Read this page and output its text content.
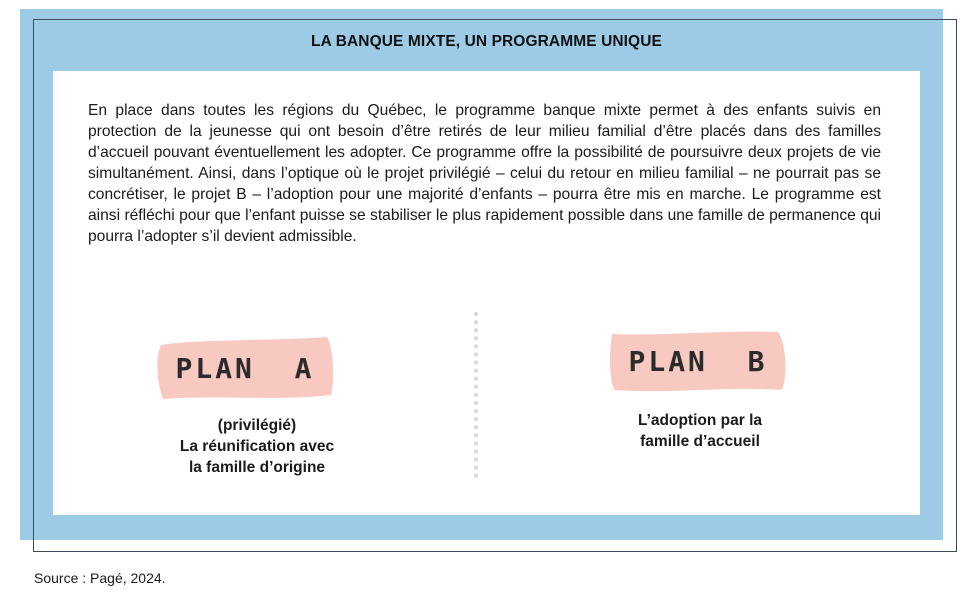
LA BANQUE MIXTE, UN PROGRAMME UNIQUE

En place dans toutes les régions du Québec, le programme banque mixte permet à des enfants suivis en protection de la jeunesse qui ont besoin d’être retirés de leur milieu familial d’être placés dans des familles d’accueil pouvant éventuellement les adopter. Ce programme offre la possibilité de poursuivre deux projets de vie simultanément. Ainsi, dans l’optique où le projet privilégié – celui du retour en milieu familial – ne pourrait pas se concrétiser, le projet B – l’adoption pour une majorité d’enfants – pourra être mis en marche. Le programme est ainsi réfléchi pour que l’enfant puisse se stabiliser le plus rapidement possible dans une famille de permanence qui pourra l’adopter s’il devient admissible.

PLAN  A
(privilégié)
La réunification avec
la famille d’origine
PLAN  B
L’adoption par la
famille d’accueil
Source : Pagé, 2024.
